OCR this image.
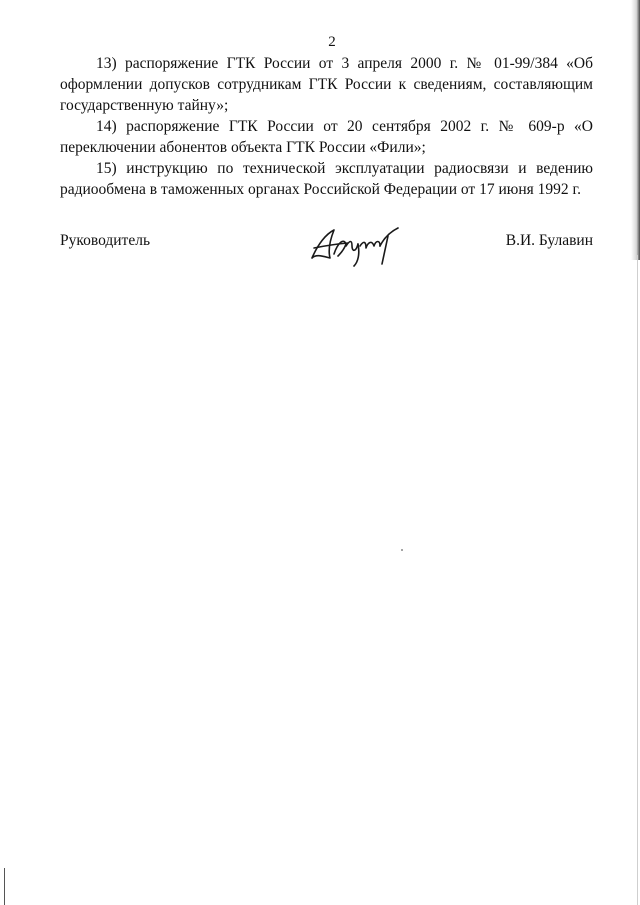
2

13) распоряжение ГТК России от 3 апреля 2000 г. № 01-99/384 «Об оформлении допусков сотрудникам ГТК России к сведениям, составляющим государственную тайну»;

14) распоряжение ГТК России от 20 сентября 2002 г. № 609-р «О переключении абонентов объекта ГТК России «Фили»;

15) инструкцию по технической эксплуатации радиосвязи и ведению радиообмена в таможенных органах Российской Федерации от 17 июня 1992 г.

Руководитель	В.И. Булавин
